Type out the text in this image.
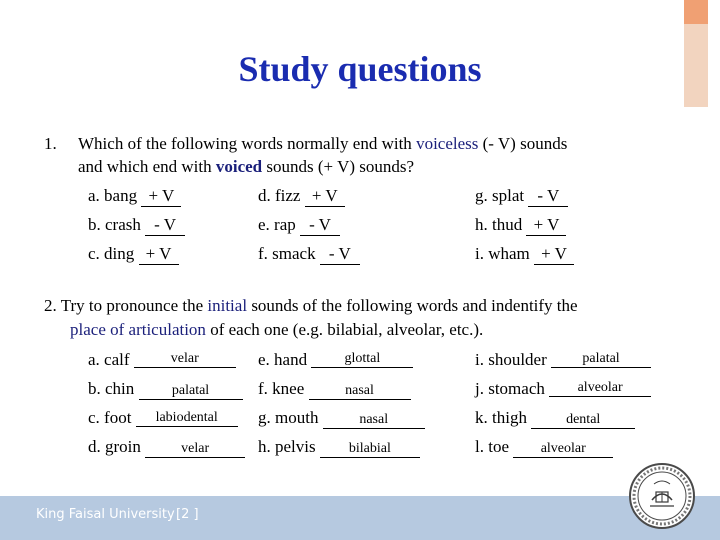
Study questions
1. Which of the following words normally end with voiceless (- V) sounds
and which end with voiced sounds (+ V) sounds?
a. bang + V	d. fizz + V	g. splat - V
b. crash - V	e. rap - V	h. thud + V
c. ding + V	f. smack - V	i. wham + V
2. Try to pronounce the initial sounds of the following words and indentify the
place of articulation of each one (e.g. bilabial, alveolar, etc.).
a. calf	velar	e. hand	glottal	i. shoulder	palatal
b. chin	palatal	f. knee	nasal	j. stomach alveolar
c. foot labiodental	g. mouth	nasal	k. thigh	dental
d. groin	velar	h. pelvis bilabial	l. toe alveolar
King Faisal University [2 ]
